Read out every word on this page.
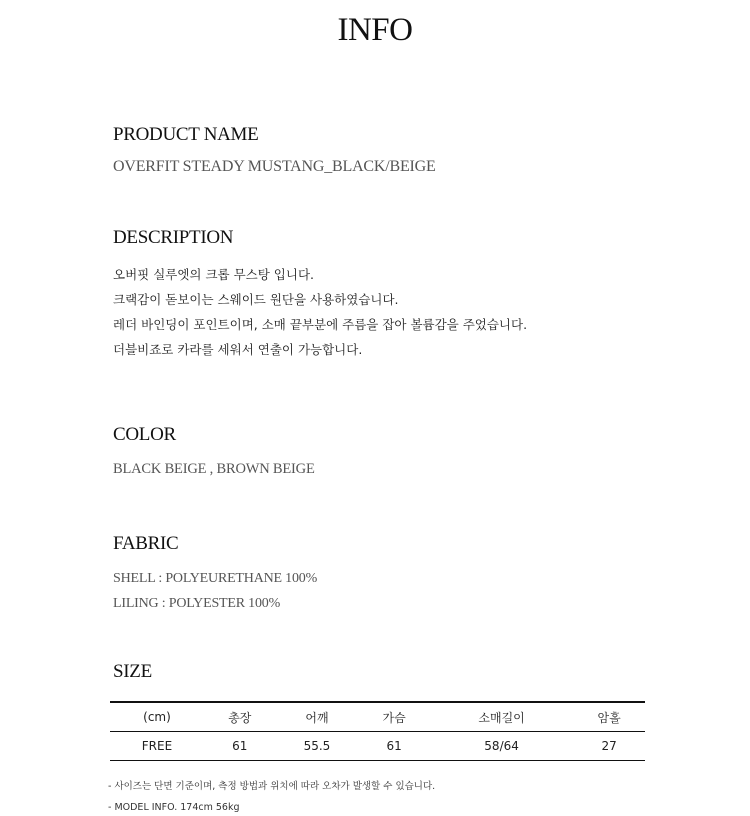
INFO
PRODUCT NAME
OVERFIT STEADY MUSTANG_BLACK/BEIGE
DESCRIPTION
오버핏 실루엣의 크롭 무스탕 입니다.
크랙감이 돋보이는 스웨이드 원단을 사용하였습니다.
레더 바인딩이 포인트이며, 소매 끝부분에 주름을 잡아 볼륨감을 주었습니다.
더블비죠로 카라를 세워서 연출이 가능합니다.
COLOR
BLACK BEIGE , BROWN BEIGE
FABRIC
SHELL : POLYEURETHANE 100%
LILING : POLYESTER 100%
SIZE
(cm)	총장	어깨	가슴	소매길이	암홀
FREE	61	55.5	61	58/64	27
- 사이즈는 단면 기준이며, 측정 방법과 위치에 따라 오차가 발생할 수 있습니다.
- MODEL INFO. 174cm 56kg
